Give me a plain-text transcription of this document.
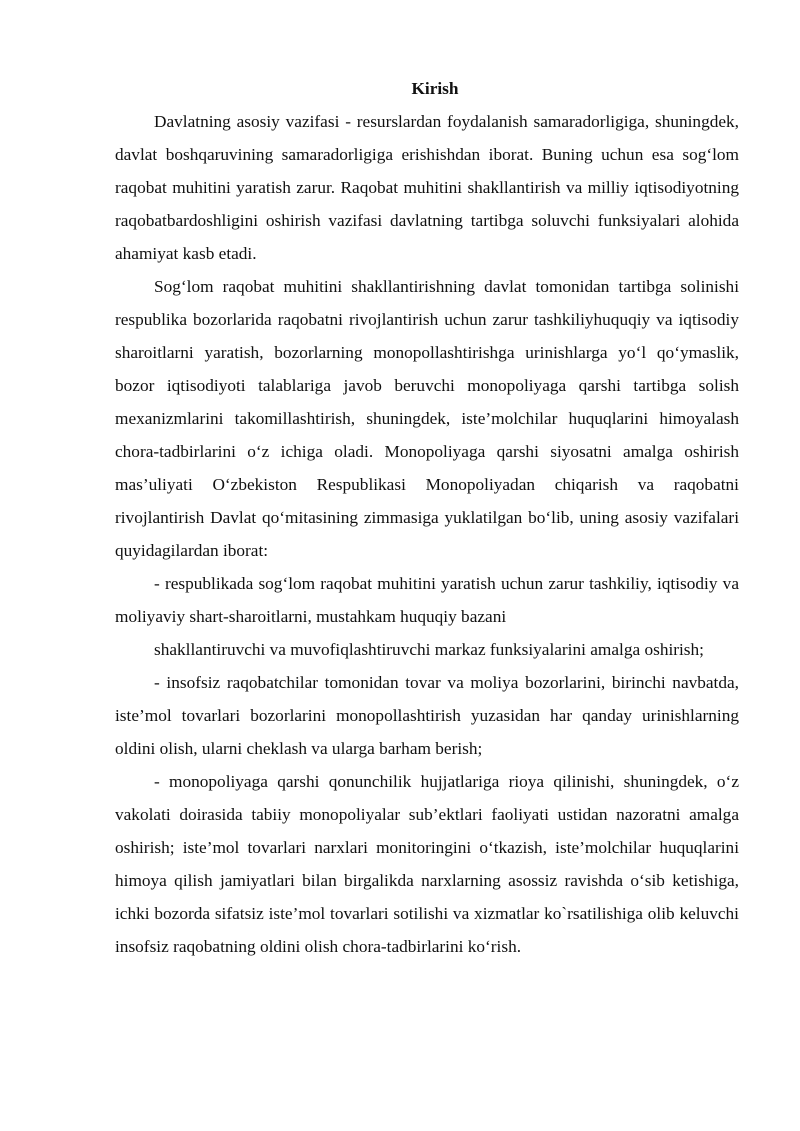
Kirish

Davlatning asosiy vazifasi - resurslardan foydalanish samaradorligiga, shuningdek, davlat boshqaruvining samaradorligiga erishishdan iborat. Buning uchun esa sog‘lom raqobat muhitini yaratish zarur. Raqobat muhitini shakllantirish va milliy iqtisodiyotning raqobatbardoshligini oshirish vazifasi davlatning tartibga soluvchi funksiyalari alohida ahamiyat kasb etadi.

Sog‘lom raqobat muhitini shakllantirishning davlat tomonidan tartibga solinishi respublika bozorlarida raqobatni rivojlantirish uchun zarur tashkiliyhuquqiy va iqtisodiy sharoitlarni yaratish, bozorlarning monopollashtirishga urinishlarga yo‘l qo‘ymaslik, bozor iqtisodiyoti talablariga javob beruvchi monopoliyaga qarshi tartibga solish mexanizmlarini takomillashtirish, shuningdek, iste’molchilar huquqlarini himoyalash chora-tadbirlarini o‘z ichiga oladi. Monopoliyaga qarshi siyosatni amalga oshirish mas’uliyati O‘zbekiston Respublikasi Monopoliyadan chiqarish va raqobatni rivojlantirish Davlat qo‘mitasining zimmasiga yuklatilgan bo‘lib, uning asosiy vazifalari quyidagilardan iborat:

- respublikada sog‘lom raqobat muhitini yaratish uchun zarur tashkiliy, iqtisodiy va moliyaviy shart-sharoitlarni, mustahkam huquqiy bazani

shakllantiruvchi va muvofiqlashtiruvchi markaz funksiyalarini amalga oshirish;

- insofsiz raqobatchilar tomonidan tovar va moliya bozorlarini, birinchi navbatda, iste’mol tovarlari bozorlarini monopollashtirish yuzasidan har qanday urinishlarning oldini olish, ularni cheklash va ularga barham berish;

- monopoliyaga qarshi qonunchilik hujjatlariga rioya qilinishi, shuningdek, o‘z vakolati doirasida tabiiy monopoliyalar sub’ektlari faoliyati ustidan nazoratni amalga oshirish; iste’mol tovarlari narxlari monitoringini o‘tkazish, iste’molchilar huquqlarini himoya qilish jamiyatlari bilan birgalikda narxlarning asossiz ravishda o‘sib ketishiga, ichki bozorda sifatsiz iste’mol tovarlari sotilishi va xizmatlar ko`rsatilishiga olib keluvchi insofsiz raqobatning oldini olish chora-tadbirlarini ko‘rish.
